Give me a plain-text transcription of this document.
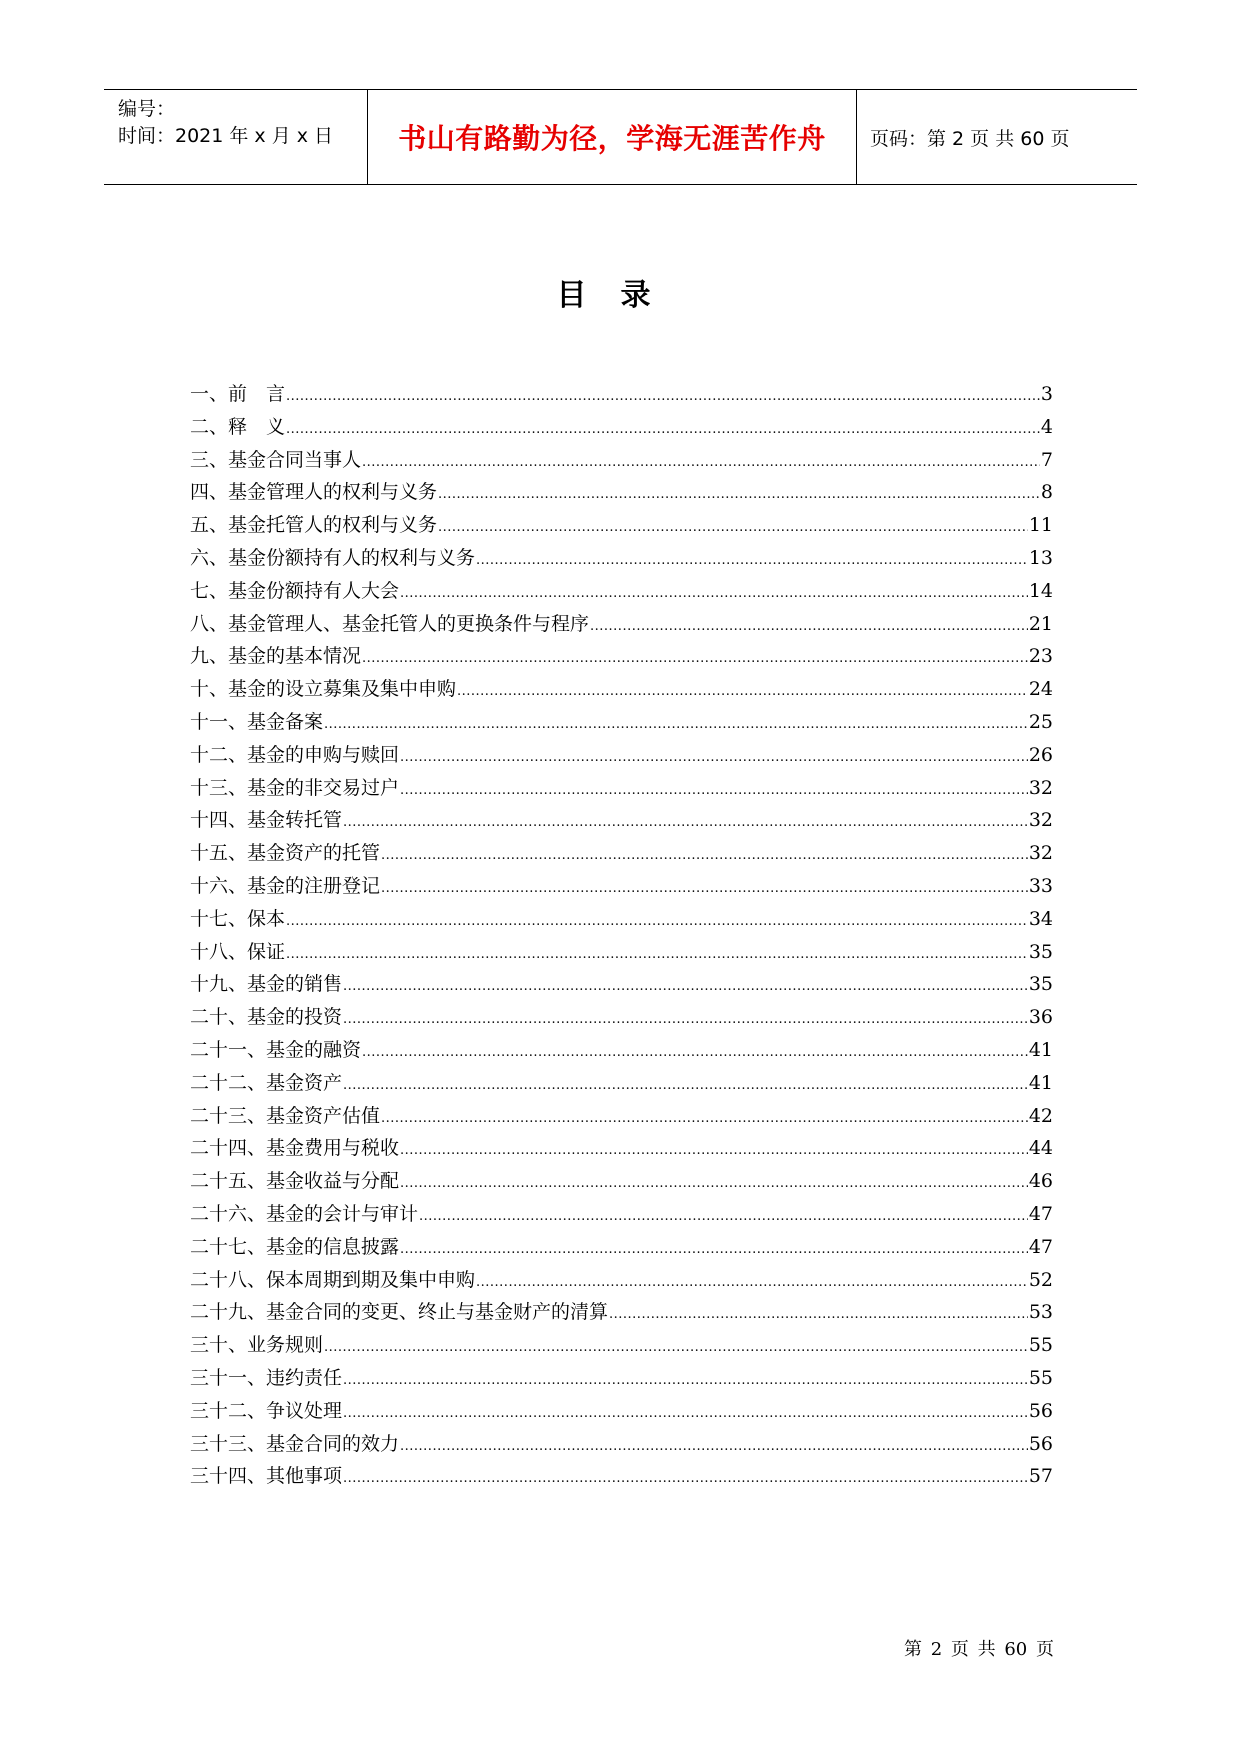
编号：
时间：2021 年 x 月 x 日 书山有路勤为径，学海无涯苦作舟 页码：第 2 页 共 60 页
目录
一、前　言 .....	3
二、释　义 .....	4
三、基金合同当事人 .....	7
四、基金管理人的权利与义务 .....	8
五、基金托管人的权利与义务 .....	11
六、基金份额持有人的权利与义务 .....	13
七、基金份额持有人大会 .....	14
八、基金管理人、基金托管人的更换条件与程序 .....	21
九、基金的基本情况 .....	23
十、基金的设立募集及集中申购 .....	24
十一、基金备案 .....	25
十二、基金的申购与赎回 .....	26
十三、基金的非交易过户 .....	32
十四、基金转托管 .....	32
十五、基金资产的托管 .....	32
十六、基金的注册登记 .....	33
十七、保本 .....	34
十八、保证 .....	35
十九、基金的销售 .....	35
二十、基金的投资 .....	36
二十一、基金的融资 .....	41
二十二、基金资产 .....	41
二十三、基金资产估值 .....	42
二十四、基金费用与税收 .....	44
二十五、基金收益与分配 .....	46
二十六、基金的会计与审计 .....	47
二十七、基金的信息披露 .....	47
二十八、保本周期到期及集中申购 .....	52
二十九、基金合同的变更、终止与基金财产的清算 .....	53
三十、业务规则 .....	55
三十一、违约责任 .....	55
三十二、争议处理 .....	56
三十三、基金合同的效力 .....	56
三十四、其他事项 .....	57
第 2 页 共 60 页
